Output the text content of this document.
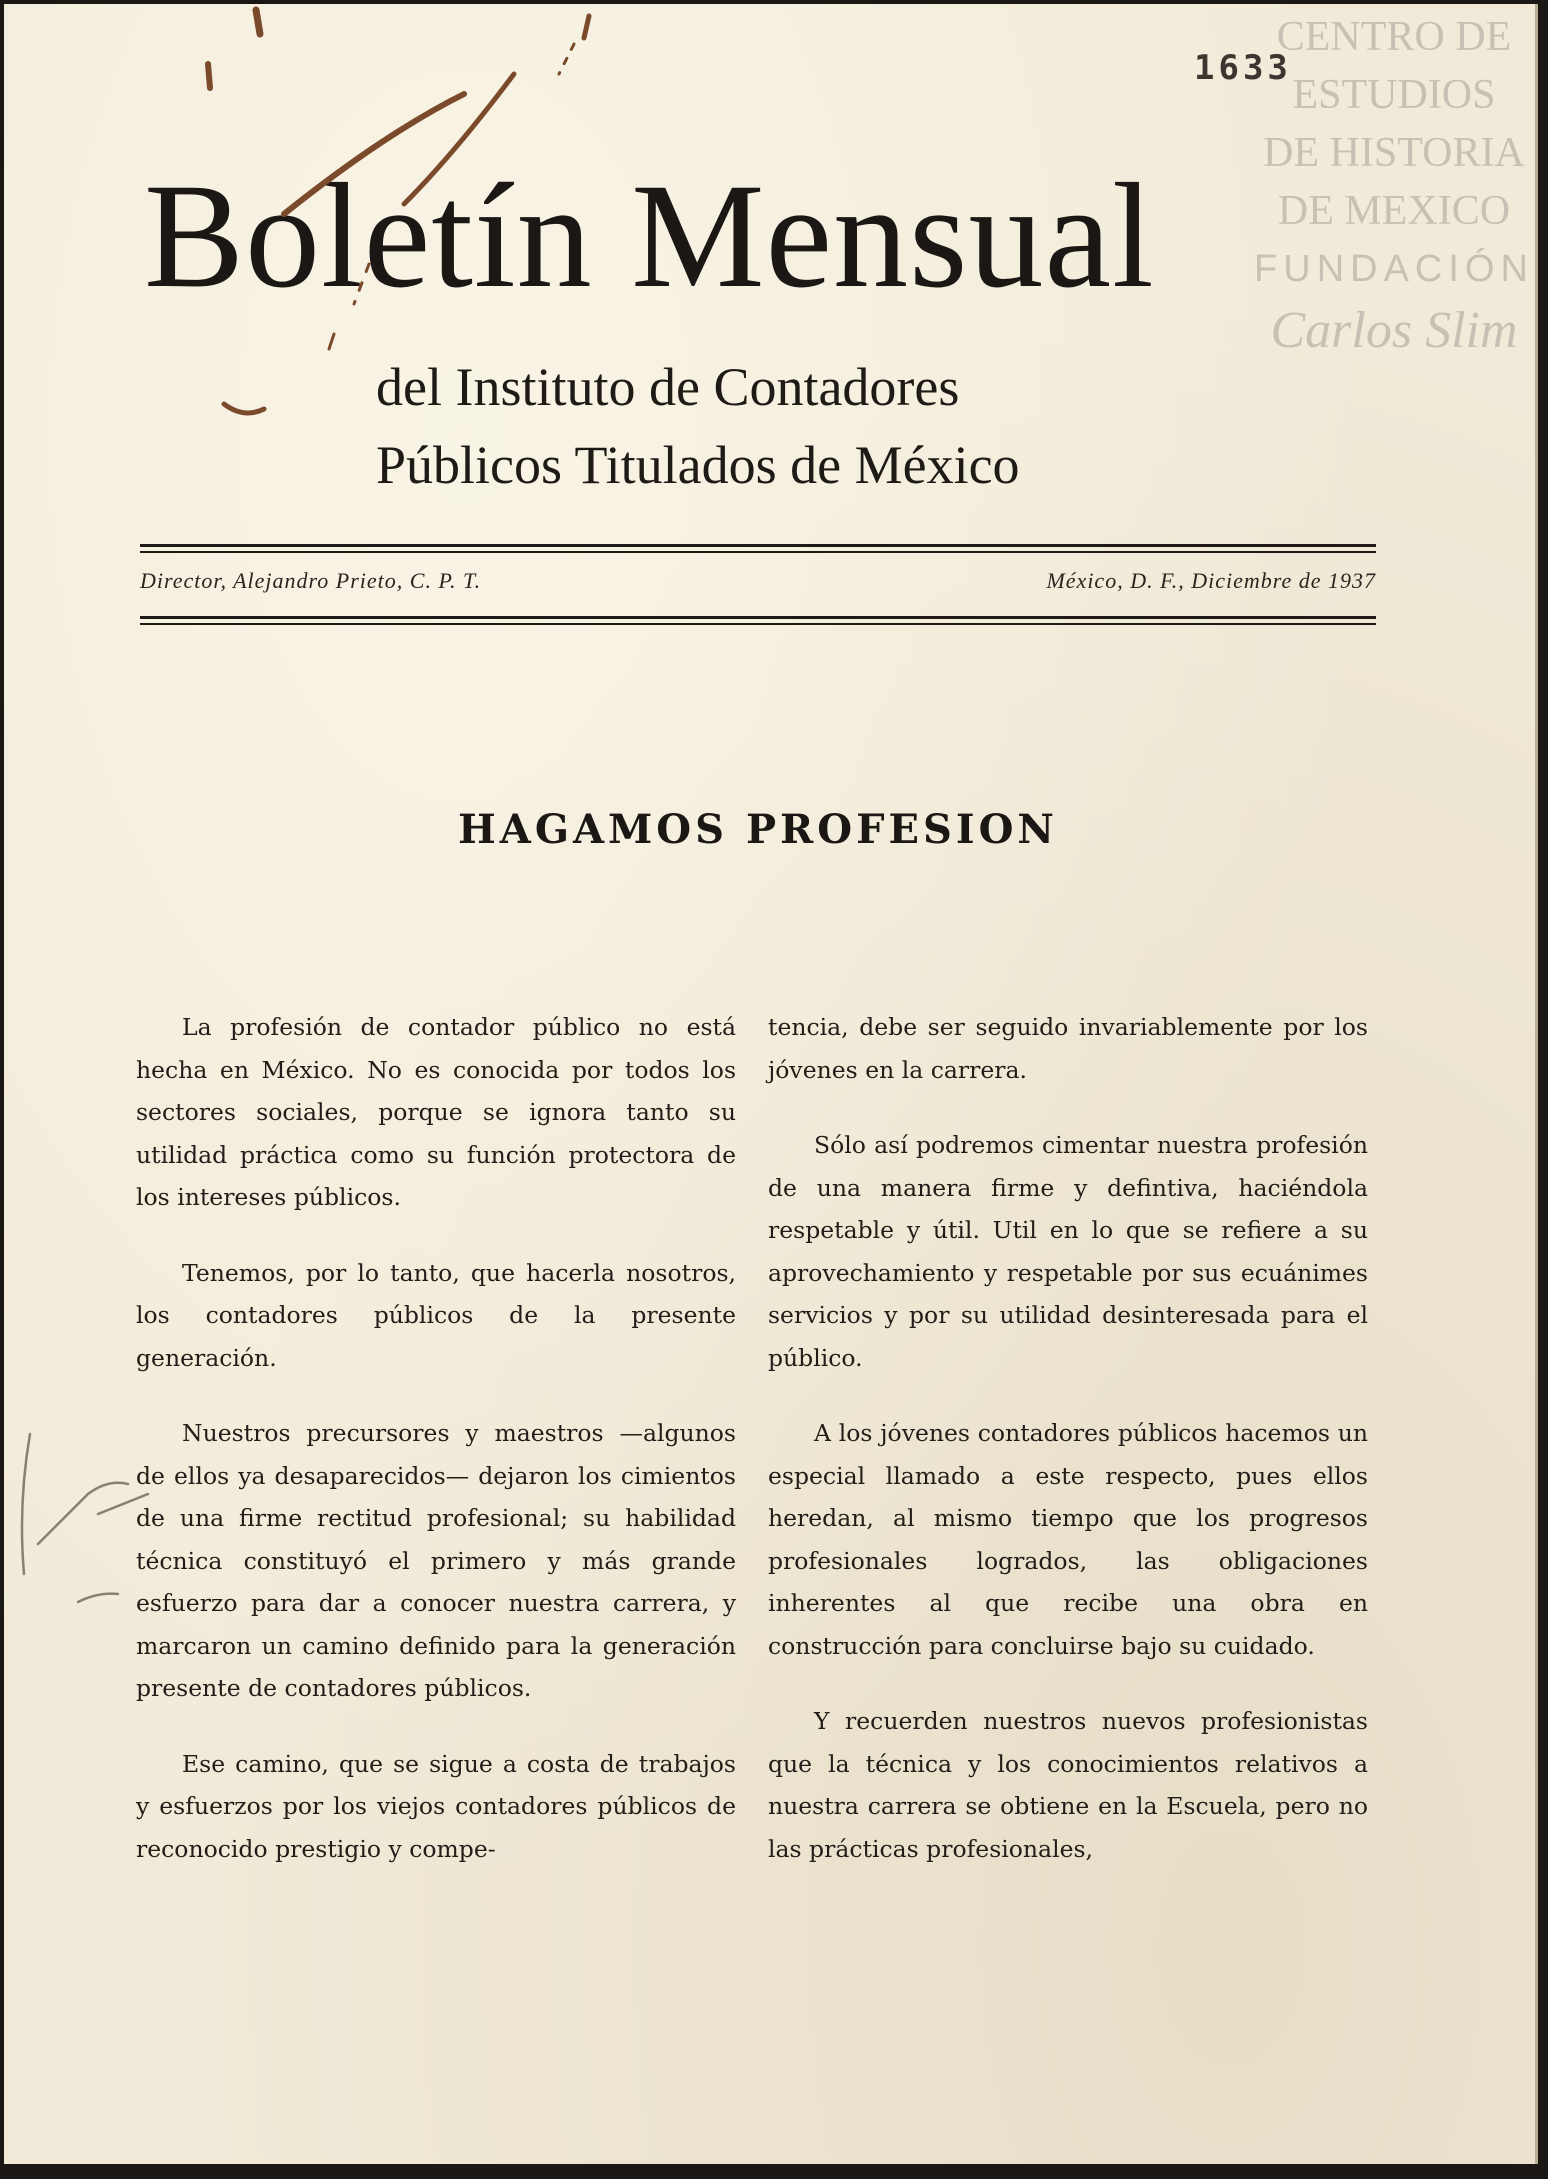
CENTRO DE
ESTUDIOS
DE HISTORIA
DE MEXICO
FUNDACIÓN
Carlos Slim
1633
Boletín Mensual
del Instituto de Contadores
Públicos Titulados de México
Director, Alejandro Prieto, C. P. T.	México, D. F., Diciembre de 1937
HAGAMOS PROFESION

La profesión de contador público no está hecha en México. No es conocida por todos los sectores sociales, porque se ignora tanto su utilidad práctica como su función protectora de los intereses públicos.

Tenemos, por lo tanto, que hacerla nosotros, los contadores públicos de la presente generación.

Nuestros precursores y maestros —algunos de ellos ya desaparecidos— dejaron los cimientos de una firme rectitud profesional; su habilidad técnica constituyó el primero y más grande esfuerzo para dar a conocer nuestra carrera, y marcaron un camino definido para la generación presente de contadores públicos.

Ese camino, que se sigue a costa de trabajos y esfuerzos por los viejos contadores públicos de reconocido prestigio y compe-

tencia, debe ser seguido invariablemente por los jóvenes en la carrera.

Sólo así podremos cimentar nuestra profesión de una manera firme y defintiva, haciéndola respetable y útil. Util en lo que se refiere a su aprovechamiento y respetable por sus ecuánimes servicios y por su utilidad desinteresada para el público.

A los jóvenes contadores públicos hacemos un especial llamado a este respecto, pues ellos heredan, al mismo tiempo que los progresos profesionales logrados, las obligaciones inherentes al que recibe una obra en construcción para concluirse bajo su cuidado.

Y recuerden nuestros nuevos profesionistas que la técnica y los conocimientos relativos a nuestra carrera se obtiene en la Escuela, pero no las prácticas profesionales,
